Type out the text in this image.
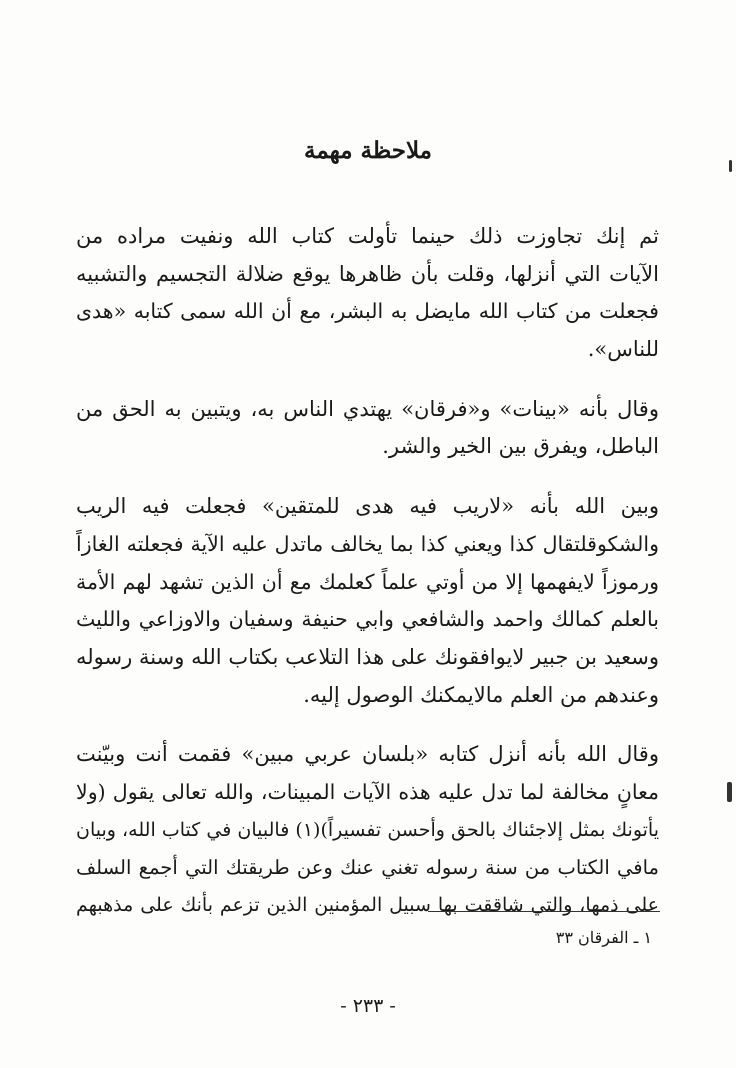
ملاحظة مهمة
ثم إنك تجاوزت ذلك حينما تأولت كتاب الله ونفيت مراده من
الآيات التي أنزلها، وقلت بأن ظاهرها يوقع ضلالة التجسيم والتشبيه
فجعلت من كتاب الله مايضل به البشر، مع أن الله سمى كتابه «هدى
للناس».
وقال بأنه «بينات» و«فرقان» يهتدي الناس به، ويتبين به الحق من
الباطل، ويفرق بين الخير والشر.
وبين الله بأنه «لاريب فيه هدى للمتقين» فجعلت فيه الريب
والشكوقلتقال كذا ويعني كذا بما يخالف ماتدل عليه الآية فجعلته الغازاً
ورموزاً لايفهمها إلا من أوتي علماً كعلمك مع أن الذين تشهد لهم الأمة
بالعلم كمالك واحمد والشافعي وابي حنيفة وسفيان والاوزاعي والليث
وسعيد بن جبير لايوافقونك على هذا التلاعب بكتاب الله وسنة رسوله
وعندهم من العلم مالايمكنك الوصول إليه.
وقال الله بأنه أنزل كتابه «بلسان عربي مبين» فقمت أنت وبيّنت
معانٍ مخالفة لما تدل عليه هذه الآيات المبينات، والله تعالى يقول (ولا
يأتونك بمثل إلاجئناك بالحق وأحسن تفسيراً)(١) فالبيان في كتاب الله، وبيان
مافي الكتاب من سنة رسوله تغني عنك وعن طريقتك التي أجمع السلف
على ذمها، والتي شاققت بها سبيل المؤمنين الذين تزعم بأنك على مذهبهم
١ ـ الفرقان ٣٣
- ٢٣٣ -
